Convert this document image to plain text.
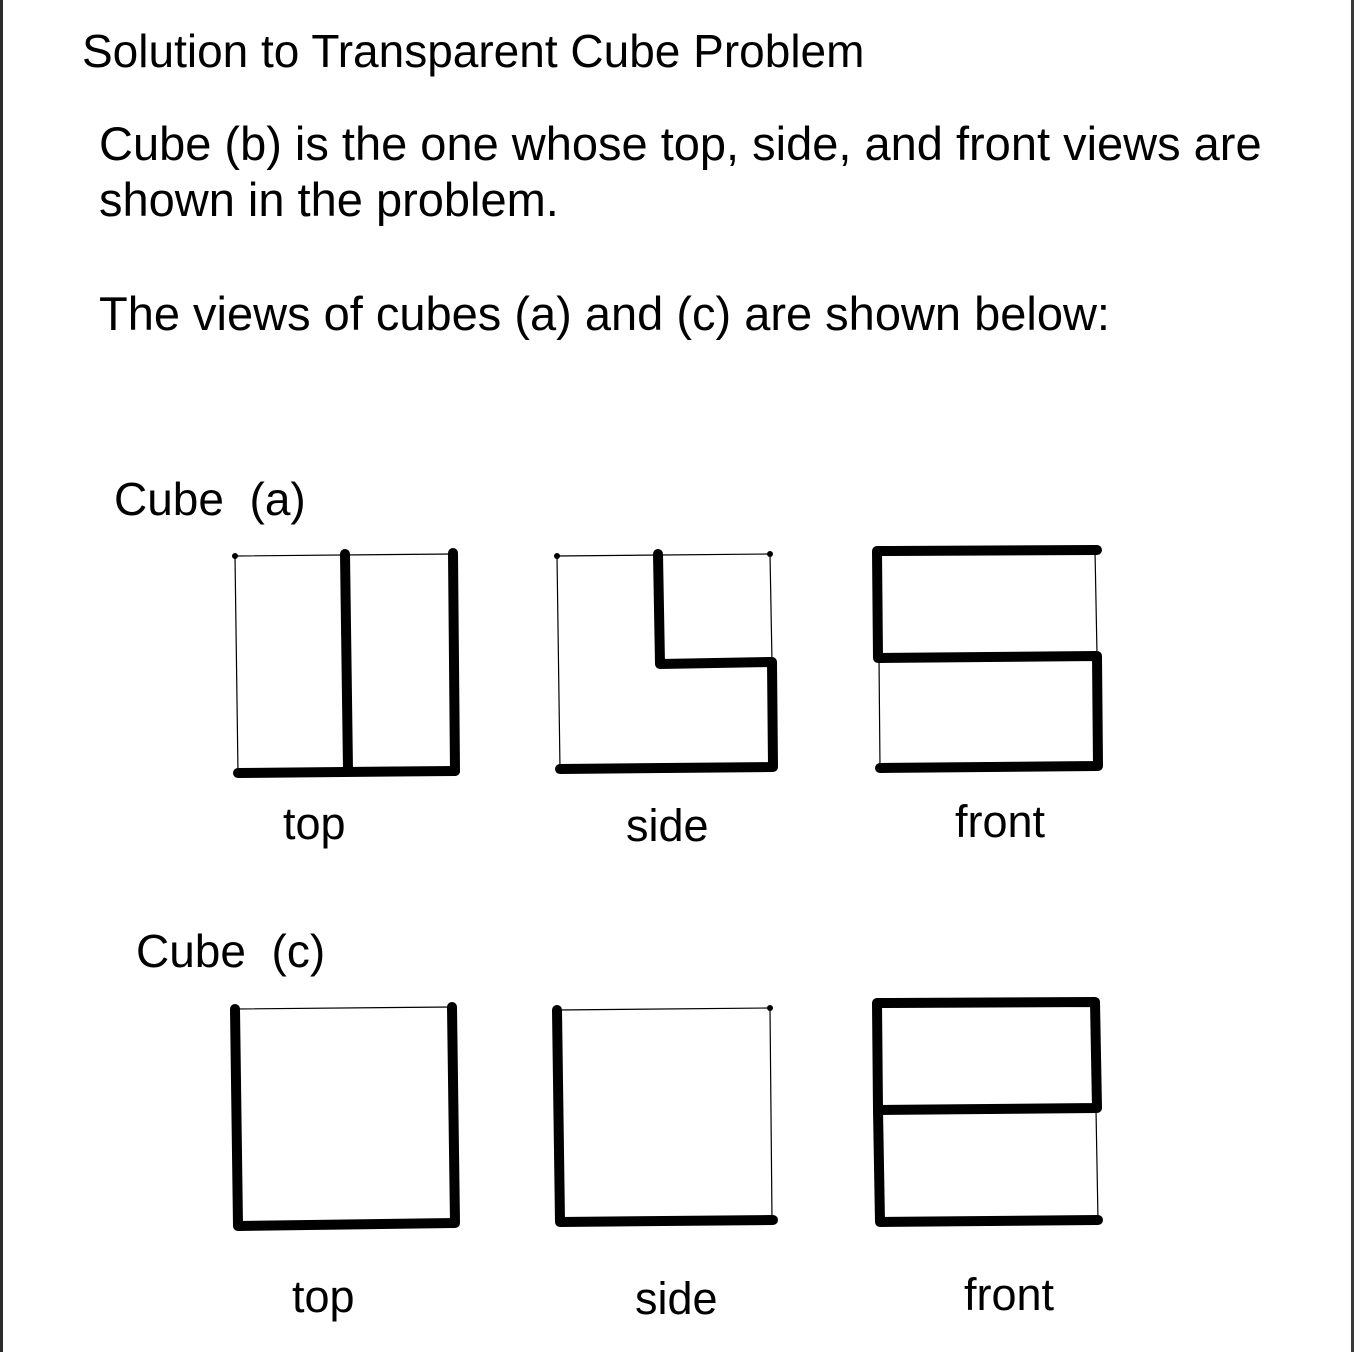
Solution to Transparent Cube Problem

Cube (b) is the one whose top, side, and front views are

shown in the problem.

The views of cubes (a) and (c) are shown below:

Cube  (a)
Cube  (c)
top	side	front
top	side	front
